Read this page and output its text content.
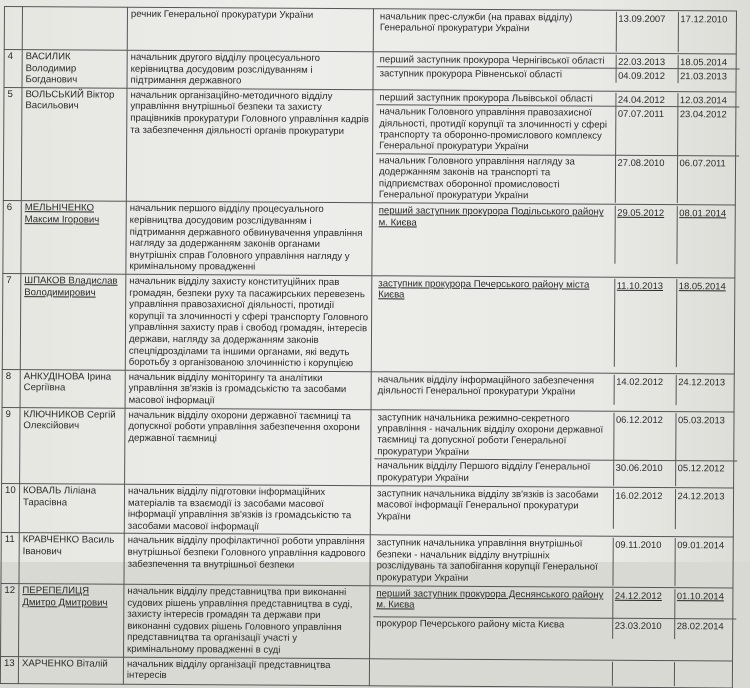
		речник Генеральної прокуратури України		начальник прес-служби (на правах відділу) Генеральної прокуратури України	13.09.2007	17.12.2010

4	ВАСИЛИК Володимир Богданович	начальник другого відділу процесуального керівництва досудовим розслідуванням і підтримання державного	
перший заступник прокурора Чернігівської області	22.03.2013	18.05.2014
заступник прокурора Рівненської області	04.09.2012	21.03.2013

5	ВОЛЬСЬКИЙ Віктор Васильович	начальник організаційно-методичного відділу управління внутрішньої безпеки та захисту працівників прокуратури Головного управління кадрів та забезпечення діяльності органів прокуратури	
перший заступник прокурора Львівської області	24.04.2012	12.03.2014
начальник Головного управління правозахисної діяльності, протидії корупції та злочинності у сфері транспорту та оборонно-промислового комплексу Генеральної прокуратури України	07.07.2011	23.04.2012
начальник Головного управління нагляду за додержанням законів на транспорті та підприємствах оборонної промисловості Генеральної прокуратури України	27.08.2010	06.07.2011

6	МЕЛЬНІЧЕНКО Максим Ігорович	начальник першого відділу процесуального керівництва досудовим розслідуванням і підтримання державного обвинувачення управління нагляду за додержанням законів органами внутрішніх справ Головного управління нагляду у кримінальному провадженні	
перший заступник прокурора Подільського району м. Києва	29.05.2012	08.01.2014

7	ШПАКОВ Владислав Володимирович	начальник відділу захисту конституційних прав громадян, безпеки руху та пасажирських перевезень управління правозахисної діяльності, протидії корупції та злочинності у сфері транспорту Головного управління захисту прав і свобод громадян, інтересів держави, нагляду за додержанням законів спецпідрозділами та іншими органами, які ведуть боротьбу з організованою злочинністю і корупцією	
заступник прокурора Печерського району міста Києва	11.10.2013	18.05.2014

8	АНКУДІНОВА Ірина Сергіївна	начальник відділу моніторингу та аналітики управління зв'язків із громадськістю та засобами масової інформації	
начальник відділу інформаційного забезпечення діяльності Генеральної прокуратури України	14.02.2012	24.12.2013

9	КЛЮЧНИКОВ Сергій Олексійович	начальник відділу охорони державної таємниці та допускної роботи управління забезпечення охорони державної таємниці	
заступник начальника режимно-секретного управління - начальник відділу охорони державної таємниці та допускної роботи Генеральної прокуратури України	06.12.2012	05.03.2013
начальник відділу Першого відділу Генеральної прокуратури України	30.06.2010	05.12.2012

10	КОВАЛЬ Ліліана Тарасівна	начальник відділу підготовки інформаційних матеріалів та взаємодії із засобами масової інформації управління зв'язків із громадськістю та засобами масової інформації	
заступник начальника відділу зв'язків із засобами масової інформації Генеральної прокуратури України	16.02.2012	24.12.2013

11	КРАВЧЕНКО Василь Іванович	начальник відділу профілактичної роботи управління внутрішньої безпеки Головного управління кадрового забезпечення та внутрішньої безпеки	
заступник начальника управління внутрішньої безпеки - начальник відділу внутрішніх розслідувань та запобігання корупції Генеральної прокуратури України	09.11.2010	09.01.2014

12	ПЕРЕПЕЛИЦЯ Дмитро Дмитрович	начальник відділу представництва при виконанні судових рішень управління представництва в суді, захисту інтересів громадян та держави при виконанні судових рішень Головного управління представництва та організації участі у кримінальному провадженні в суді	
перший заступник прокурора Деснянського району м. Києва	24.12.2012	01.10.2014
прокурор Печерського району міста Києва	23.03.2010	28.02.2014

13	ХАРЧЕНКО Віталій	начальник відділу організації представництва інтересів	
